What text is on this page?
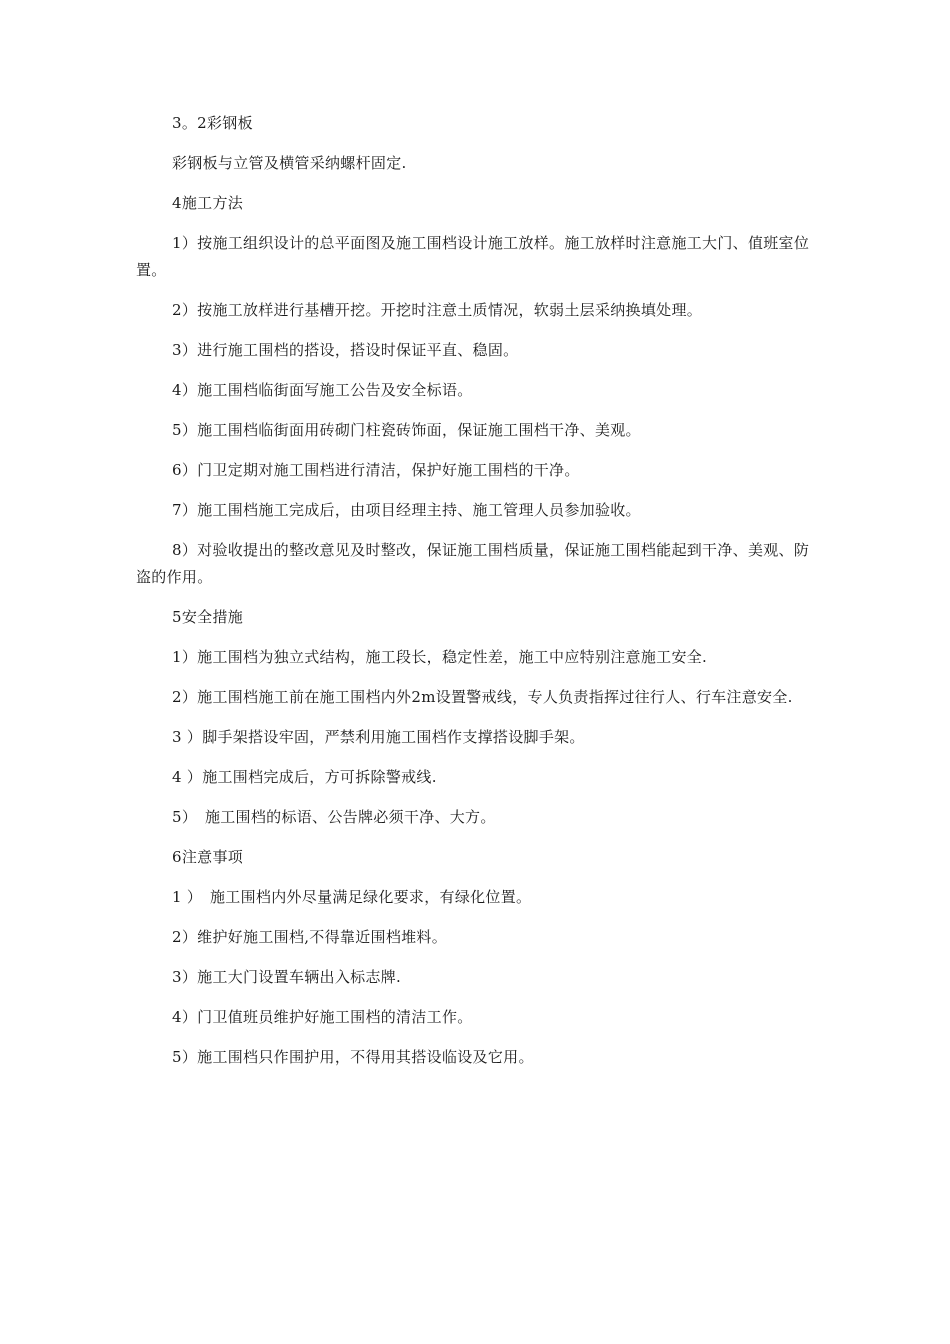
3。2彩钢板

彩钢板与立管及横管采纳螺杆固定.

4施工方法

1）按施工组织设计的总平面图及施工围档设计施工放样。施工放样时注意施工大门、值班室位置。

2）按施工放样进行基槽开挖。开挖时注意土质情况，软弱土层采纳换填处理。

3）进行施工围档的搭设，搭设时保证平直、稳固。

4）施工围档临街面写施工公告及安全标语。

5）施工围档临街面用砖砌门柱瓷砖饰面，保证施工围档干净、美观。

6）门卫定期对施工围档进行清洁，保护好施工围档的干净。

7）施工围档施工完成后，由项目经理主持、施工管理人员参加验收。

8）对验收提出的整改意见及时整改，保证施工围档质量，保证施工围档能起到干净、美观、防盗的作用。

5安全措施

1）施工围档为独立式结构，施工段长，稳定性差，施工中应特别注意施工安全.

2）施工围档施工前在施工围档内外2m设置警戒线，专人负责指挥过往行人、行车注意安全.

3 ）脚手架搭设牢固，严禁利用施工围档作支撑搭设脚手架。

4 ）施工围档完成后，方可拆除警戒线.

5）　施工围档的标语、公告牌必须干净、大方。

6注意事项

1 ）　施工围档内外尽量满足绿化要求，有绿化位置。

2）维护好施工围档,不得靠近围档堆料。

3）施工大门设置车辆出入标志牌.

4）门卫值班员维护好施工围档的清洁工作。

5）施工围档只作围护用，不得用其搭设临设及它用。
